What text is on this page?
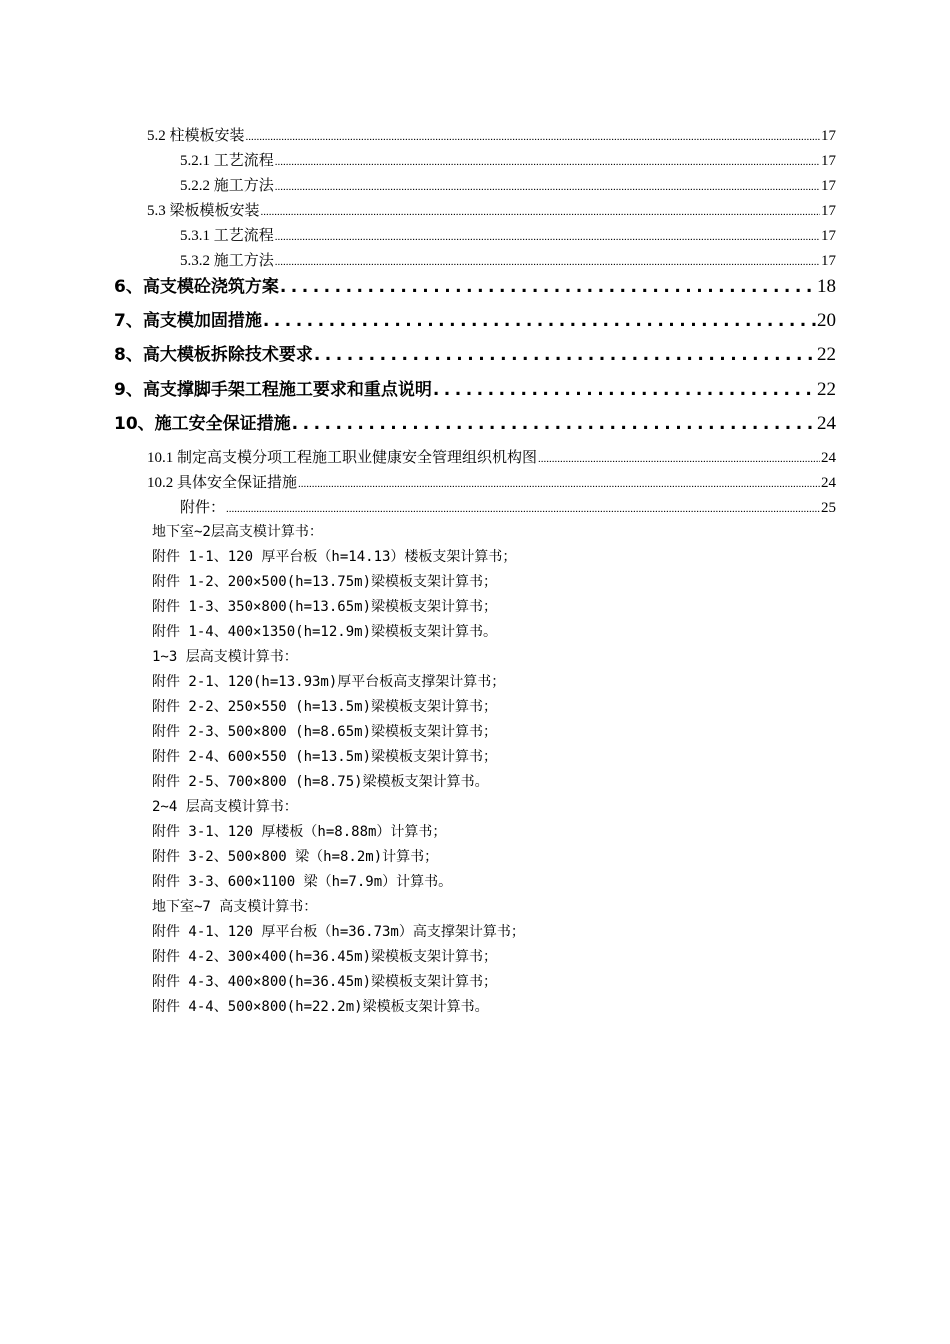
5.2 柱模板安装 .....	17
5.2.1 工艺流程 .....	17
5.2.2 施工方法 .....	17
5.3 梁板模板安装 .....	17
5.3.1 工艺流程 .....	17
5.3.2 施工方法 .....	17
6、高支模砼浇筑方案 .....	18
7、高支模加固措施 .....	20
8、高大模板拆除技术要求 .....	22
9、高支撑脚手架工程施工要求和重点说明 .....	22
10、施工安全保证措施 .....	24
10.1 制定高支模分项工程施工职业健康安全管理组织机构图 .....	24
10.2 具体安全保证措施 .....	24
附件： .....	25
地下室~2层高支模计算书：
附件 1-1、120 厚平台板（h=14.13）楼板支架计算书；
附件 1-2、200×500(h=13.75m)梁模板支架计算书；
附件 1-3、350×800(h=13.65m)梁模板支架计算书；
附件 1-4、400×1350(h=12.9m)梁模板支架计算书。
1~3 层高支模计算书：
附件 2-1、120(h=13.93m)厚平台板高支撑架计算书；
附件 2-2、250×550 (h=13.5m)梁模板支架计算书；
附件 2-3、500×800 (h=8.65m)梁模板支架计算书；
附件 2-4、600×550 (h=13.5m)梁模板支架计算书；
附件 2-5、700×800 (h=8.75)梁模板支架计算书。
2~4 层高支模计算书：
附件 3-1、120 厚楼板（h=8.88m）计算书；
附件 3-2、500×800 梁（h=8.2m)计算书；
附件 3-3、600×1100 梁（h=7.9m）计算书。
地下室~7 高支模计算书：
附件 4-1、120 厚平台板（h=36.73m）高支撑架计算书；
附件 4-2、300×400(h=36.45m)梁模板支架计算书；
附件 4-3、400×800(h=36.45m)梁模板支架计算书；
附件 4-4、500×800(h=22.2m)梁模板支架计算书。
